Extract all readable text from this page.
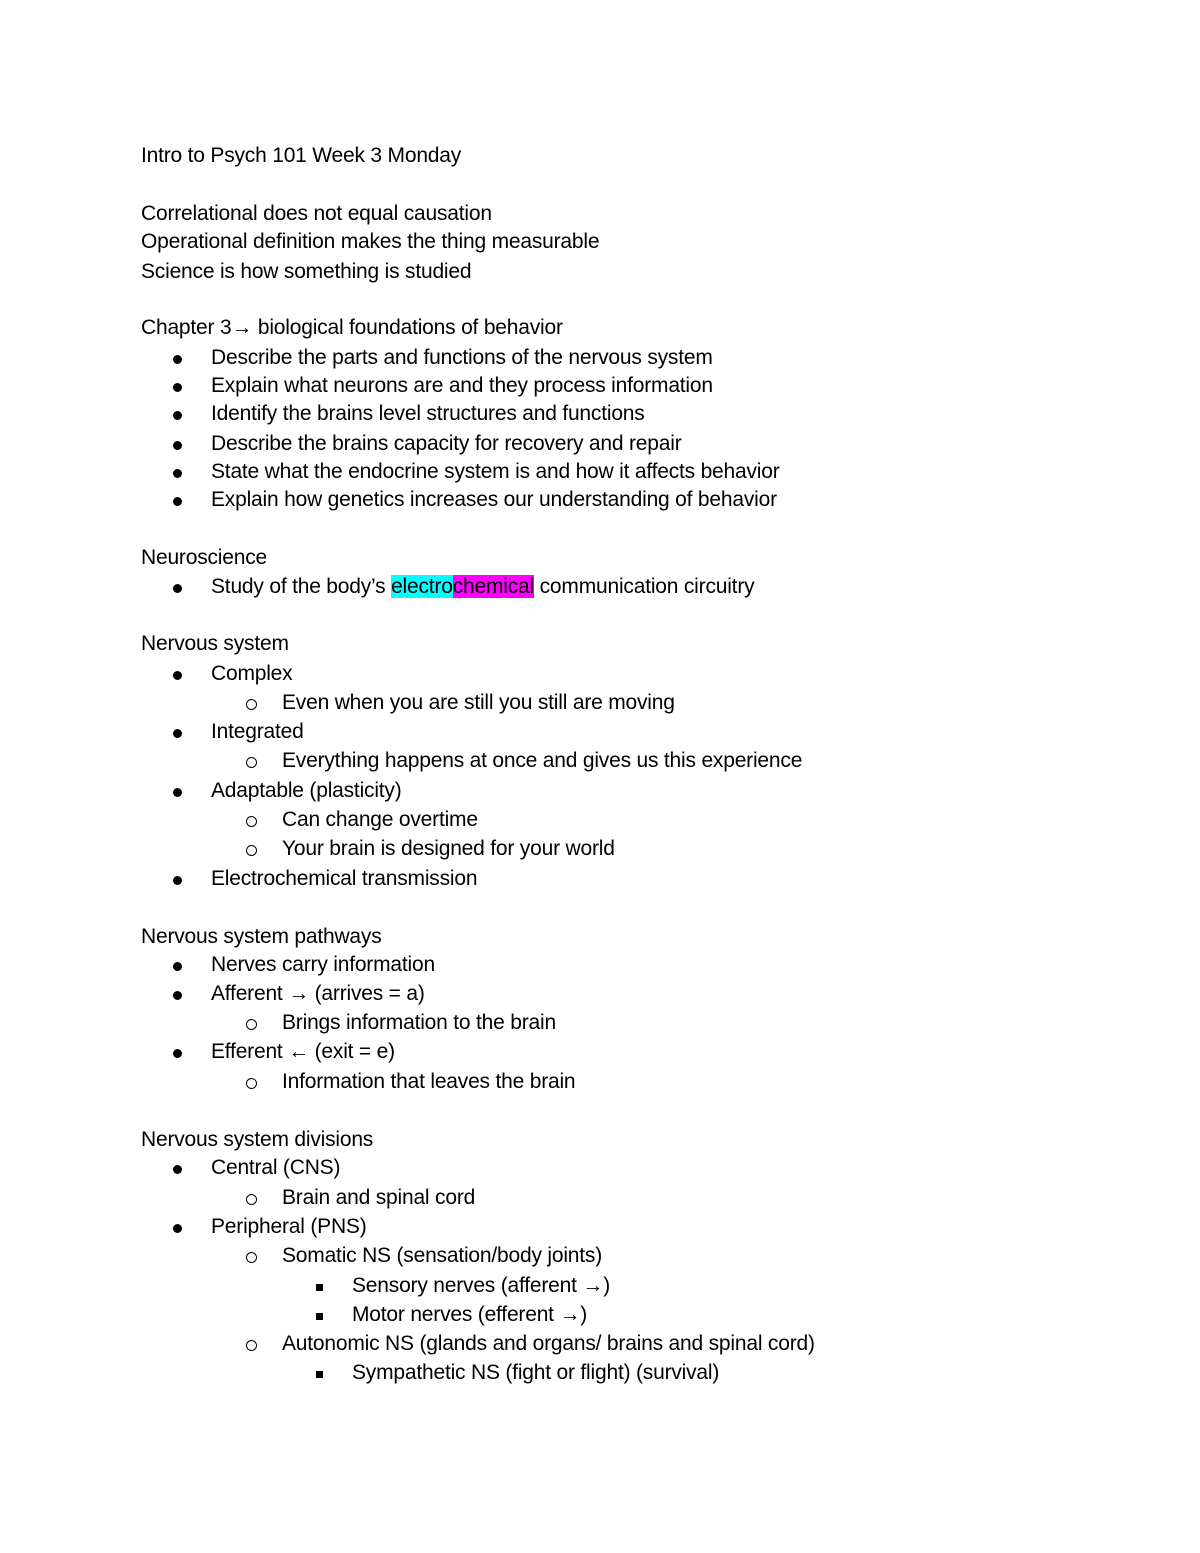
Intro to Psych 101 Week 3 Monday
Correlational does not equal causation
Operational definition makes the thing measurable
Science is how something is studied
Chapter 3→ biological foundations of behavior
Describe the parts and functions of the nervous system
Explain what neurons are and they process information
Identify the brains level structures and functions
Describe the brains capacity for recovery and repair
State what the endocrine system is and how it affects behavior
Explain how genetics increases our understanding of behavior
Neuroscience
Study of the body’s electrochemical communication circuitry
Nervous system
Complex
Even when you are still you still are moving
Integrated
Everything happens at once and gives us this experience
Adaptable (plasticity)
Can change overtime
Your brain is designed for your world
Electrochemical transmission
Nervous system pathways
Nerves carry information
Afferent → (arrives = a)
Brings information to the brain
Efferent ← (exit = e)
Information that leaves the brain
Nervous system divisions
Central (CNS)
Brain and spinal cord
Peripheral (PNS)
Somatic NS (sensation/body joints)
Sensory nerves (afferent →)
Motor nerves (efferent →)
Autonomic NS (glands and organs/ brains and spinal cord)
Sympathetic NS (fight or flight) (survival)
